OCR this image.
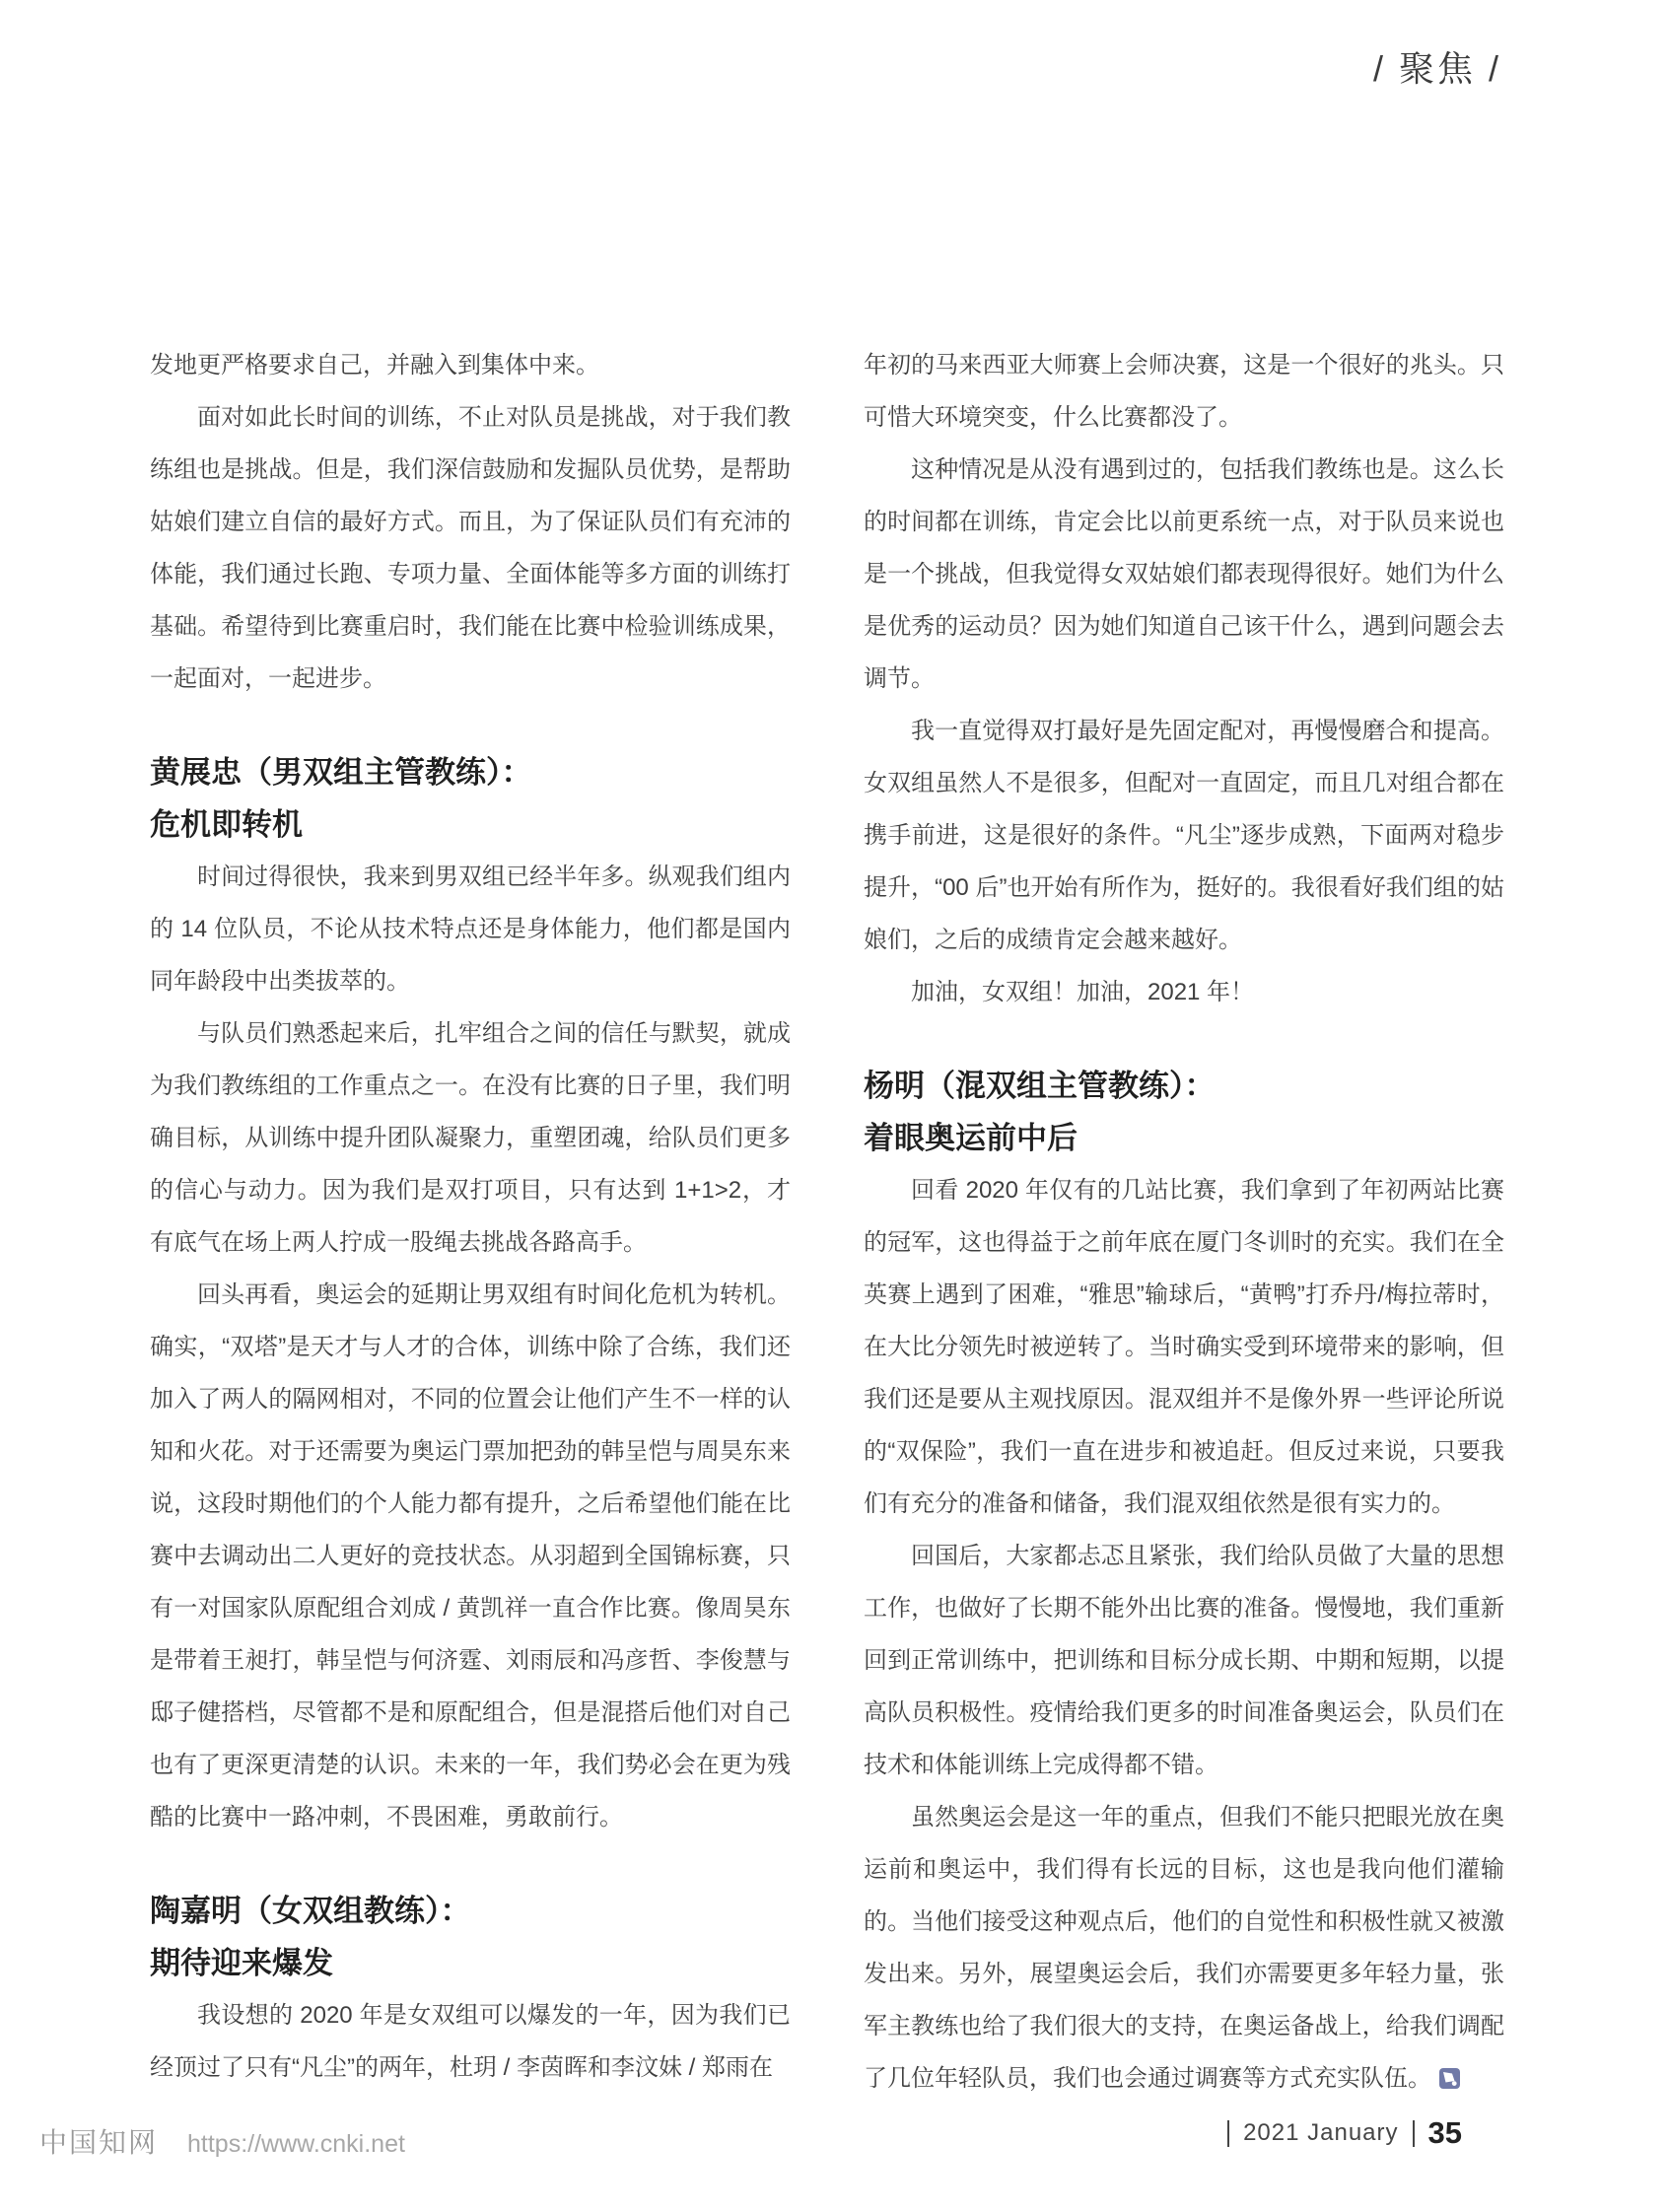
/ 聚焦 /

发地更严格要求自己，并融入到集体中来。

面对如此长时间的训练，不止对队员是挑战，对于我们教练组也是挑战。但是，我们深信鼓励和发掘队员优势，是帮助姑娘们建立自信的最好方式。而且，为了保证队员们有充沛的体能，我们通过长跑、专项力量、全面体能等多方面的训练打基础。希望待到比赛重启时，我们能在比赛中检验训练成果，一起面对，一起进步。

黄展忠（男双组主管教练）：
危机即转机

时间过得很快，我来到男双组已经半年多。纵观我们组内的 14 位队员，不论从技术特点还是身体能力，他们都是国内同年龄段中出类拔萃的。

与队员们熟悉起来后，扎牢组合之间的信任与默契，就成为我们教练组的工作重点之一。在没有比赛的日子里，我们明确目标，从训练中提升团队凝聚力，重塑团魂，给队员们更多的信心与动力。因为我们是双打项目，只有达到 1+1>2，才有底气在场上两人拧成一股绳去挑战各路高手。

回头再看，奥运会的延期让男双组有时间化危机为转机。确实，“双塔”是天才与人才的合体，训练中除了合练，我们还加入了两人的隔网相对，不同的位置会让他们产生不一样的认知和火花。对于还需要为奥运门票加把劲的韩呈恺与周昊东来说，这段时期他们的个人能力都有提升，之后希望他们能在比赛中去调动出二人更好的竞技状态。从羽超到全国锦标赛，只有一对国家队原配组合刘成 / 黄凯祥一直合作比赛。像周昊东是带着王昶打，韩呈恺与何济霆、刘雨辰和冯彦哲、李俊慧与邸子健搭档，尽管都不是和原配组合，但是混搭后他们对自己也有了更深更清楚的认识。未来的一年，我们势必会在更为残酷的比赛中一路冲刺，不畏困难，勇敢前行。

陶嘉明（女双组教练）：
期待迎来爆发

我设想的 2020 年是女双组可以爆发的一年，因为我们已经顶过了只有“凡尘”的两年，杜玥 / 李茵晖和李汶妹 / 郑雨在

年初的马来西亚大师赛上会师决赛，这是一个很好的兆头。只可惜大环境突变，什么比赛都没了。

这种情况是从没有遇到过的，包括我们教练也是。这么长的时间都在训练，肯定会比以前更系统一点，对于队员来说也是一个挑战，但我觉得女双姑娘们都表现得很好。她们为什么是优秀的运动员？因为她们知道自己该干什么，遇到问题会去调节。

我一直觉得双打最好是先固定配对，再慢慢磨合和提高。女双组虽然人不是很多，但配对一直固定，而且几对组合都在携手前进，这是很好的条件。“凡尘”逐步成熟，下面两对稳步提升，“00 后”也开始有所作为，挺好的。我很看好我们组的姑娘们，之后的成绩肯定会越来越好。

加油，女双组！加油，2021 年！

杨明（混双组主管教练）：
着眼奥运前中后

回看 2020 年仅有的几站比赛，我们拿到了年初两站比赛的冠军，这也得益于之前年底在厦门冬训时的充实。我们在全英赛上遇到了困难，“雅思”输球后，“黄鸭”打乔丹/梅拉蒂时，在大比分领先时被逆转了。当时确实受到环境带来的影响，但我们还是要从主观找原因。混双组并不是像外界一些评论所说的“双保险”，我们一直在进步和被追赶。但反过来说，只要我们有充分的准备和储备，我们混双组依然是很有实力的。

回国后，大家都忐忑且紧张，我们给队员做了大量的思想工作，也做好了长期不能外出比赛的准备。慢慢地，我们重新回到正常训练中，把训练和目标分成长期、中期和短期，以提高队员积极性。疫情给我们更多的时间准备奥运会，队员们在技术和体能训练上完成得都不错。

虽然奥运会是这一年的重点，但我们不能只把眼光放在奥运前和奥运中，我们得有长远的目标，这也是我向他们灌输的。当他们接受这种观点后，他们的自觉性和积极性就又被激发出来。另外，展望奥运会后，我们亦需要更多年轻力量，张军主教练也给了我们很大的支持，在奥运备战上，给我们调配了几位年轻队员，我们也会通过调赛等方式充实队伍。

中国知网 https://www.cnki.net	2021 January 35
